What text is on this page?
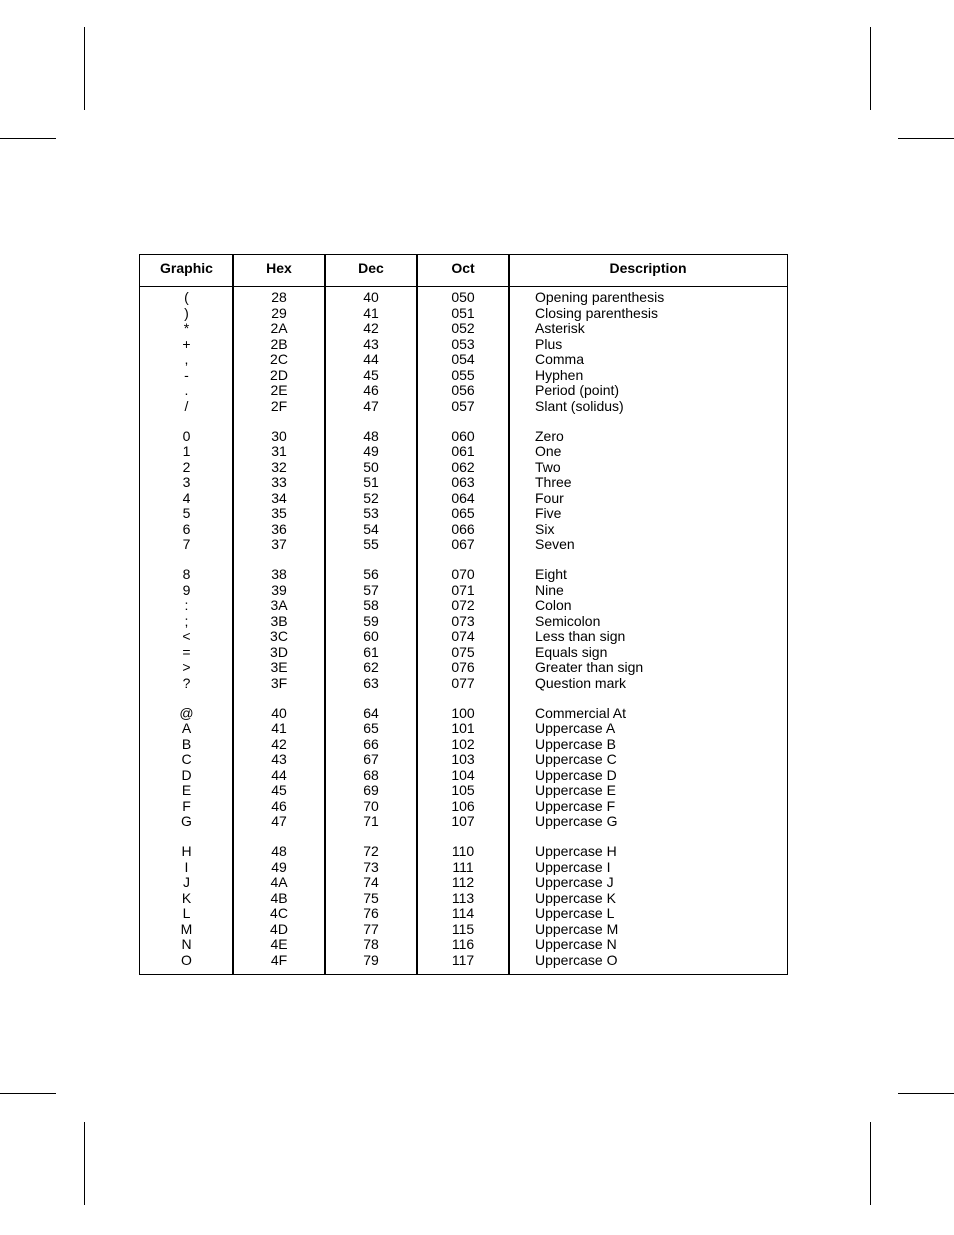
Graphic	Hex	Dec	Oct	Description
(	28	40	050	Opening parenthesis
)	29	41	051	Closing parenthesis
*	2A	42	052	Asterisk
+	2B	43	053	Plus
,	2C	44	054	Comma
-	2D	45	055	Hyphen
.	2E	46	056	Period (point)
/	2F	47	057	Slant (solidus)
0	30	48	060	Zero
1	31	49	061	One
2	32	50	062	Two
3	33	51	063	Three
4	34	52	064	Four
5	35	53	065	Five
6	36	54	066	Six
7	37	55	067	Seven
8	38	56	070	Eight
9	39	57	071	Nine
:	3A	58	072	Colon
;	3B	59	073	Semicolon
<	3C	60	074	Less than sign
=	3D	61	075	Equals sign
>	3E	62	076	Greater than sign
?	3F	63	077	Question mark
@	40	64	100	Commercial At
A	41	65	101	Uppercase A
B	42	66	102	Uppercase B
C	43	67	103	Uppercase C
D	44	68	104	Uppercase D
E	45	69	105	Uppercase E
F	46	70	106	Uppercase F
G	47	71	107	Uppercase G
H	48	72	110	Uppercase H
I	49	73	111	Uppercase I
J	4A	74	112	Uppercase J
K	4B	75	113	Uppercase K
L	4C	76	114	Uppercase L
M	4D	77	115	Uppercase M
N	4E	78	116	Uppercase N
O	4F	79	117	Uppercase O
